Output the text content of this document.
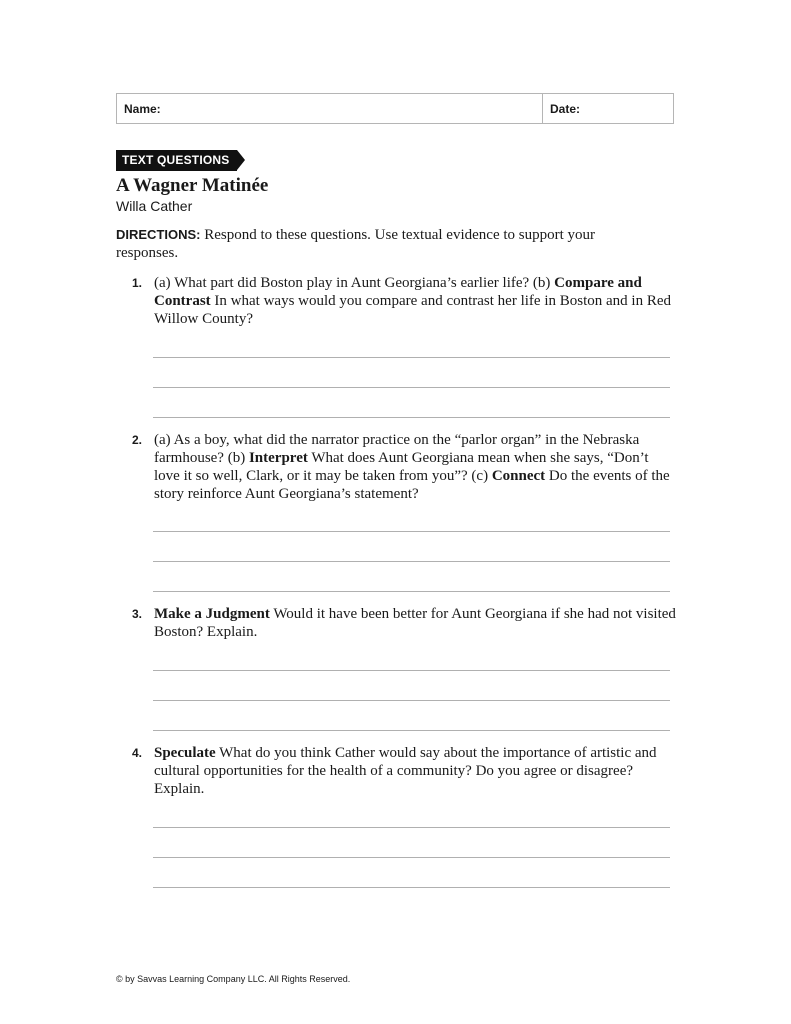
Name:	Date:
TEXT QUESTIONS
A Wagner Matinée
Willa Cather
DIRECTIONS: Respond to these questions. Use textual evidence to support your responses.
1. (a) What part did Boston play in Aunt Georgiana’s earlier life? (b) Compare and Contrast In what ways would you compare and contrast her life in Boston and in Red Willow County?
2. (a) As a boy, what did the narrator practice on the “parlor organ” in the Nebraska farmhouse? (b) Interpret What does Aunt Georgiana mean when she says, “Don’t love it so well, Clark, or it may be taken from you”? (c) Connect Do the events of the story reinforce Aunt Georgiana’s statement?
3. Make a Judgment Would it have been better for Aunt Georgiana if she had not visited Boston? Explain.
4. Speculate What do you think Cather would say about the importance of artistic and cultural opportunities for the health of a community? Do you agree or disagree? Explain.
© by Savvas Learning Company LLC. All Rights Reserved.
